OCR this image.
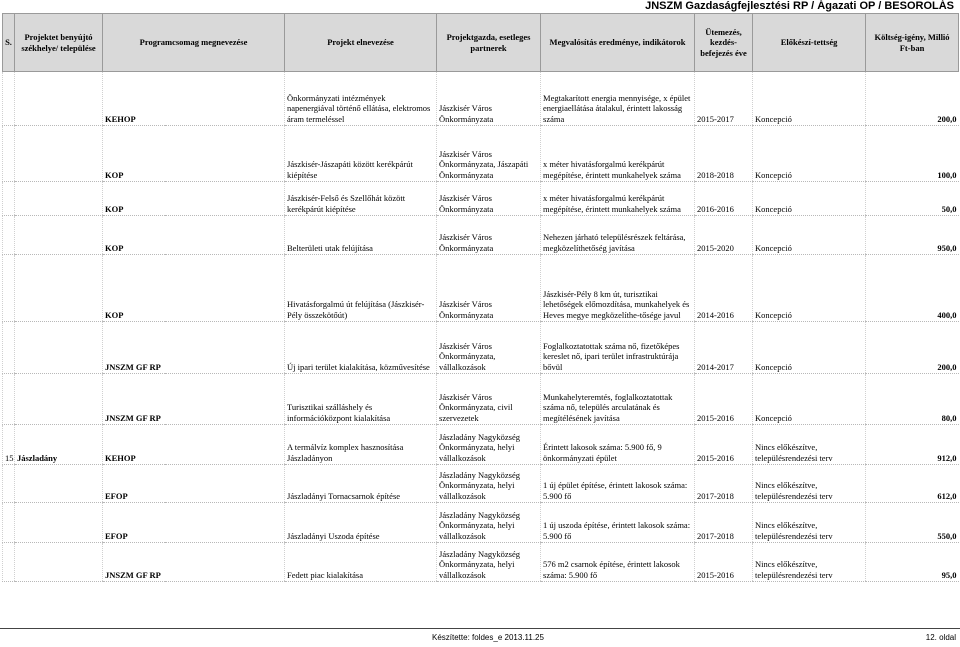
JNSZM Gazdaságfejlesztési RP / Ágazati OP / BESOROLÁS
S.	Projektet benyújtó székhelye/ települése	Programcsomag megnevezése	Projekt elnevezése	Projektgazda, esetleges partnerek	Megvalósítás eredménye, indikátorok	Ütemezés, kezdés-befejezés éve	Előkészí-tettség	Költség-igény, Millió Ft-ban
		KEHOP	Önkormányzati intézmények napenergiával történő ellátása, elektromos áram termeléssel	Jászkisér Város Önkormányzata	Megtakarított energia mennyisége, x épület energiaellátása átalakul, érintett lakosság száma	2015-2017	Koncepció	200,0
		KOP	Jászkisér-Jászapáti között kerékpárút kiépítése	Jászkisér Város Önkormányzata, Jászapáti Önkormányzata	x méter hivatásforgalmú kerékpárút megépítése, érintett munkahelyek száma	2018-2018	Koncepció	100,0
		KOP	Jászkisér-Felső és Szellőhát között kerékpárút kiépítése	Jászkisér Város Önkormányzata	x méter hivatásforgalmú kerékpárút megépítése, érintett munkahelyek száma	2016-2016	Koncepció	50,0
		KOP	Belterületi utak felújítása	Jászkisér Város Önkormányzata	Nehezen járható településrészek feltárása, megközelíthetőség javítása	2015-2020	Koncepció	950,0
		KOP	Hivatásforgalmú út felújítása (Jászkisér-Pély összekötőút)	Jászkisér Város Önkormányzata	Jászkisér-Pély 8 km út, turisztikai lehetőségek előmozdítása, munkahelyek és Heves megye megközelíthe-tősége javul	2014-2016	Koncepció	400,0
		JNSZM GF RP	Új ipari terület kialakítása, közművesítése	Jászkisér Város Önkormányzata, vállalkozások	Foglalkoztatottak száma nő, fizetőképes kereslet nő, ipari terület infrastruktúrája bővül	2014-2017	Koncepció	200,0
		JNSZM GF RP	Turisztikai szálláshely és információközpont kialakítása	Jászkisér Város Önkormányzata, civil szervezetek	Munkahelyteremtés, foglalkoztatottak száma nő, település arculatának és megítélésének javítása	2015-2016	Koncepció	80,0
15	Jászladány	KEHOP	A termálvíz komplex hasznosítása Jászladányon	Jászladány Nagyközség Önkormányzata, helyi vállalkozások	Érintett lakosok száma: 5.900 fő, 9 önkormányzati épület	2015-2016	Nincs előkészítve, településrendezési terv	912,0
		EFOP	Jászladányi Tornacsarnok építése	Jászladány Nagyközség Önkormányzata, helyi vállalkozások	1 új épület építése, érintett lakosok száma: 5.900 fő	2017-2018	Nincs előkészítve, településrendezési terv	612,0
		EFOP	Jászladányi Uszoda építése	Jászladány Nagyközség Önkormányzata, helyi vállalkozások	1 új uszoda építése, érintett lakosok száma: 5.900 fő	2017-2018	Nincs előkészítve, településrendezési terv	550,0
		JNSZM GF RP	Fedett piac kialakítása	Jászladány Nagyközség Önkormányzata, helyi vállalkozások	576 m2 csarnok építése, érintett lakosok száma: 5.900 fő	2015-2016	Nincs előkészítve, településrendezési terv	95,0
Készítette: foldes_e 2013.11.25	12. oldal
